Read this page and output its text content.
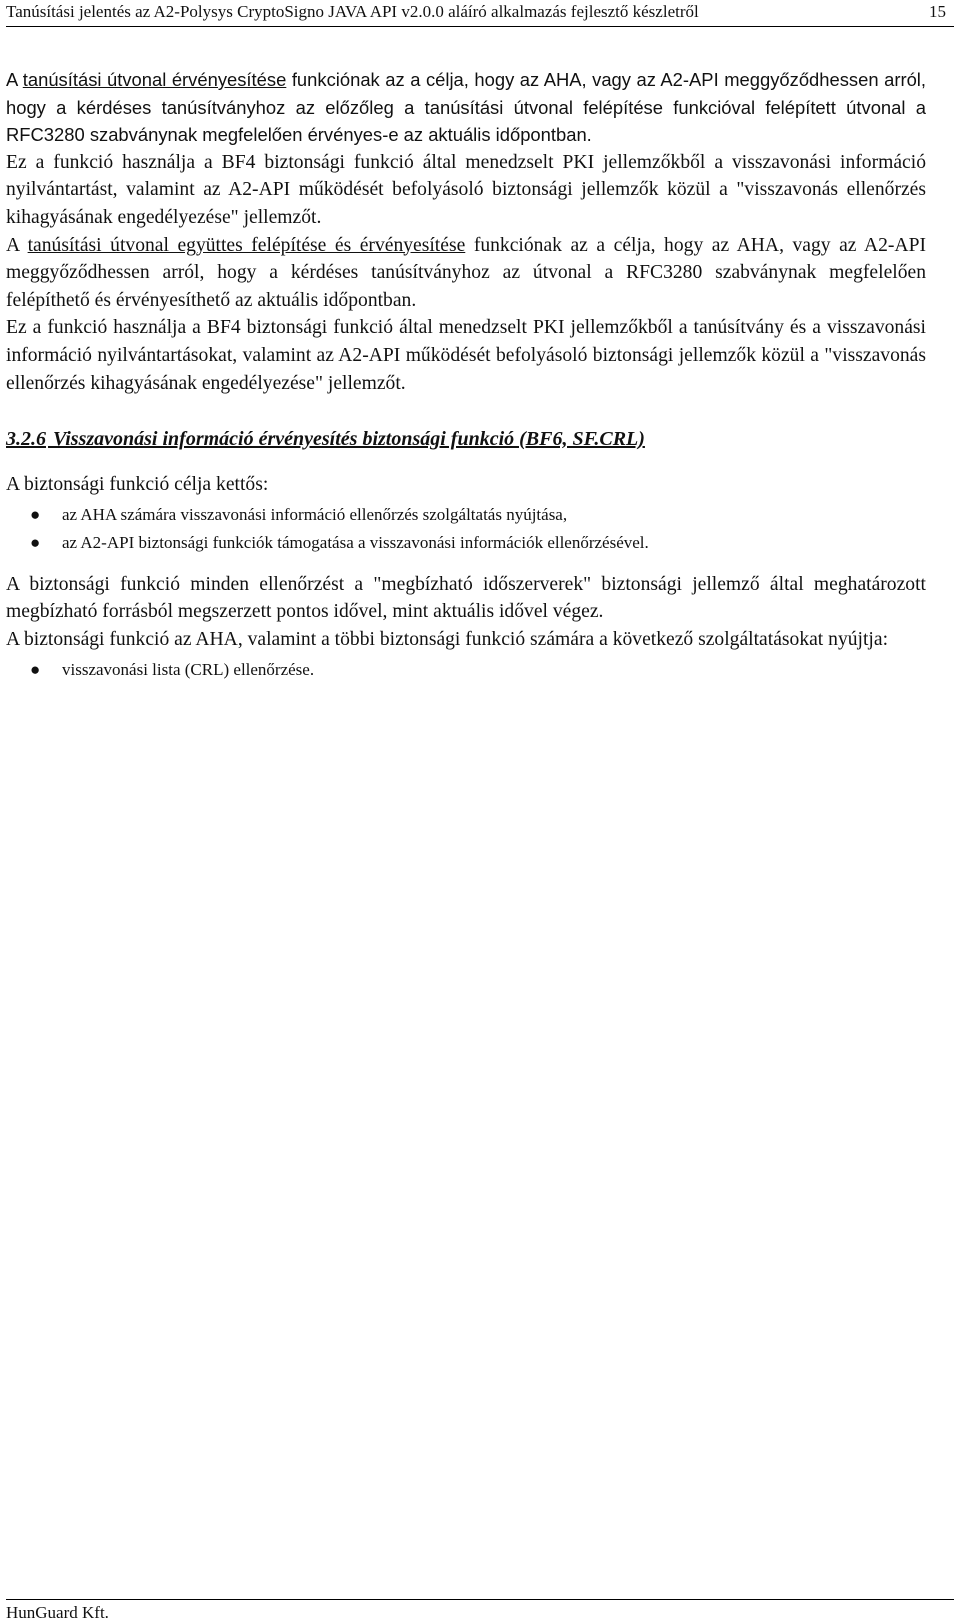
Tanúsítási jelentés az A2-Polysys CryptoSigno JAVA API v2.0.0 aláíró alkalmazás fejlesztő készletről	15

A tanúsítási útvonal érvényesítése funkciónak az a célja, hogy az AHA, vagy az A2-API meggyőződhessen arról, hogy a kérdéses tanúsítványhoz az előzőleg a tanúsítási útvonal felépítése funkcióval felépített útvonal a RFC3280 szabványnak megfelelően érvényes-e az aktuális időpontban.

Ez a funkció használja a BF4 biztonsági funkció által menedzselt PKI jellemzőkből a visszavonási információ nyilvántartást, valamint az A2-API működését befolyásoló biztonsági jellemzők közül a "visszavonás ellenőrzés kihagyásának engedélyezése" jellemzőt.

A tanúsítási útvonal együttes felépítése és érvényesítése funkciónak az a célja, hogy az AHA, vagy az A2-API meggyőződhessen arról, hogy a kérdéses tanúsítványhoz az útvonal a RFC3280 szabványnak megfelelően felépíthető és érvényesíthető az aktuális időpontban.

Ez a funkció használja a BF4 biztonsági funkció által menedzselt PKI jellemzőkből a tanúsítvány és a visszavonási információ nyilvántartásokat, valamint az A2-API működését befolyásoló biztonsági jellemzők közül a "visszavonás ellenőrzés kihagyásának engedélyezése" jellemzőt.

3.2.6 Visszavonási információ érvényesítés biztonsági funkció (BF6, SF.CRL)

A biztonsági funkció célja kettős:

● az AHA számára visszavonási információ ellenőrzés szolgáltatás nyújtása,
● az A2-API biztonsági funkciók támogatása a visszavonási információk ellenőrzésével.

A biztonsági funkció minden ellenőrzést a "megbízható időszerverek" biztonsági jellemző által meghatározott megbízható forrásból megszerzett pontos idővel, mint aktuális idővel végez.

A biztonsági funkció az AHA, valamint a többi biztonsági funkció számára a következő szolgáltatásokat nyújtja:

● visszavonási lista (CRL) ellenőrzése.
HunGuard Kft.
